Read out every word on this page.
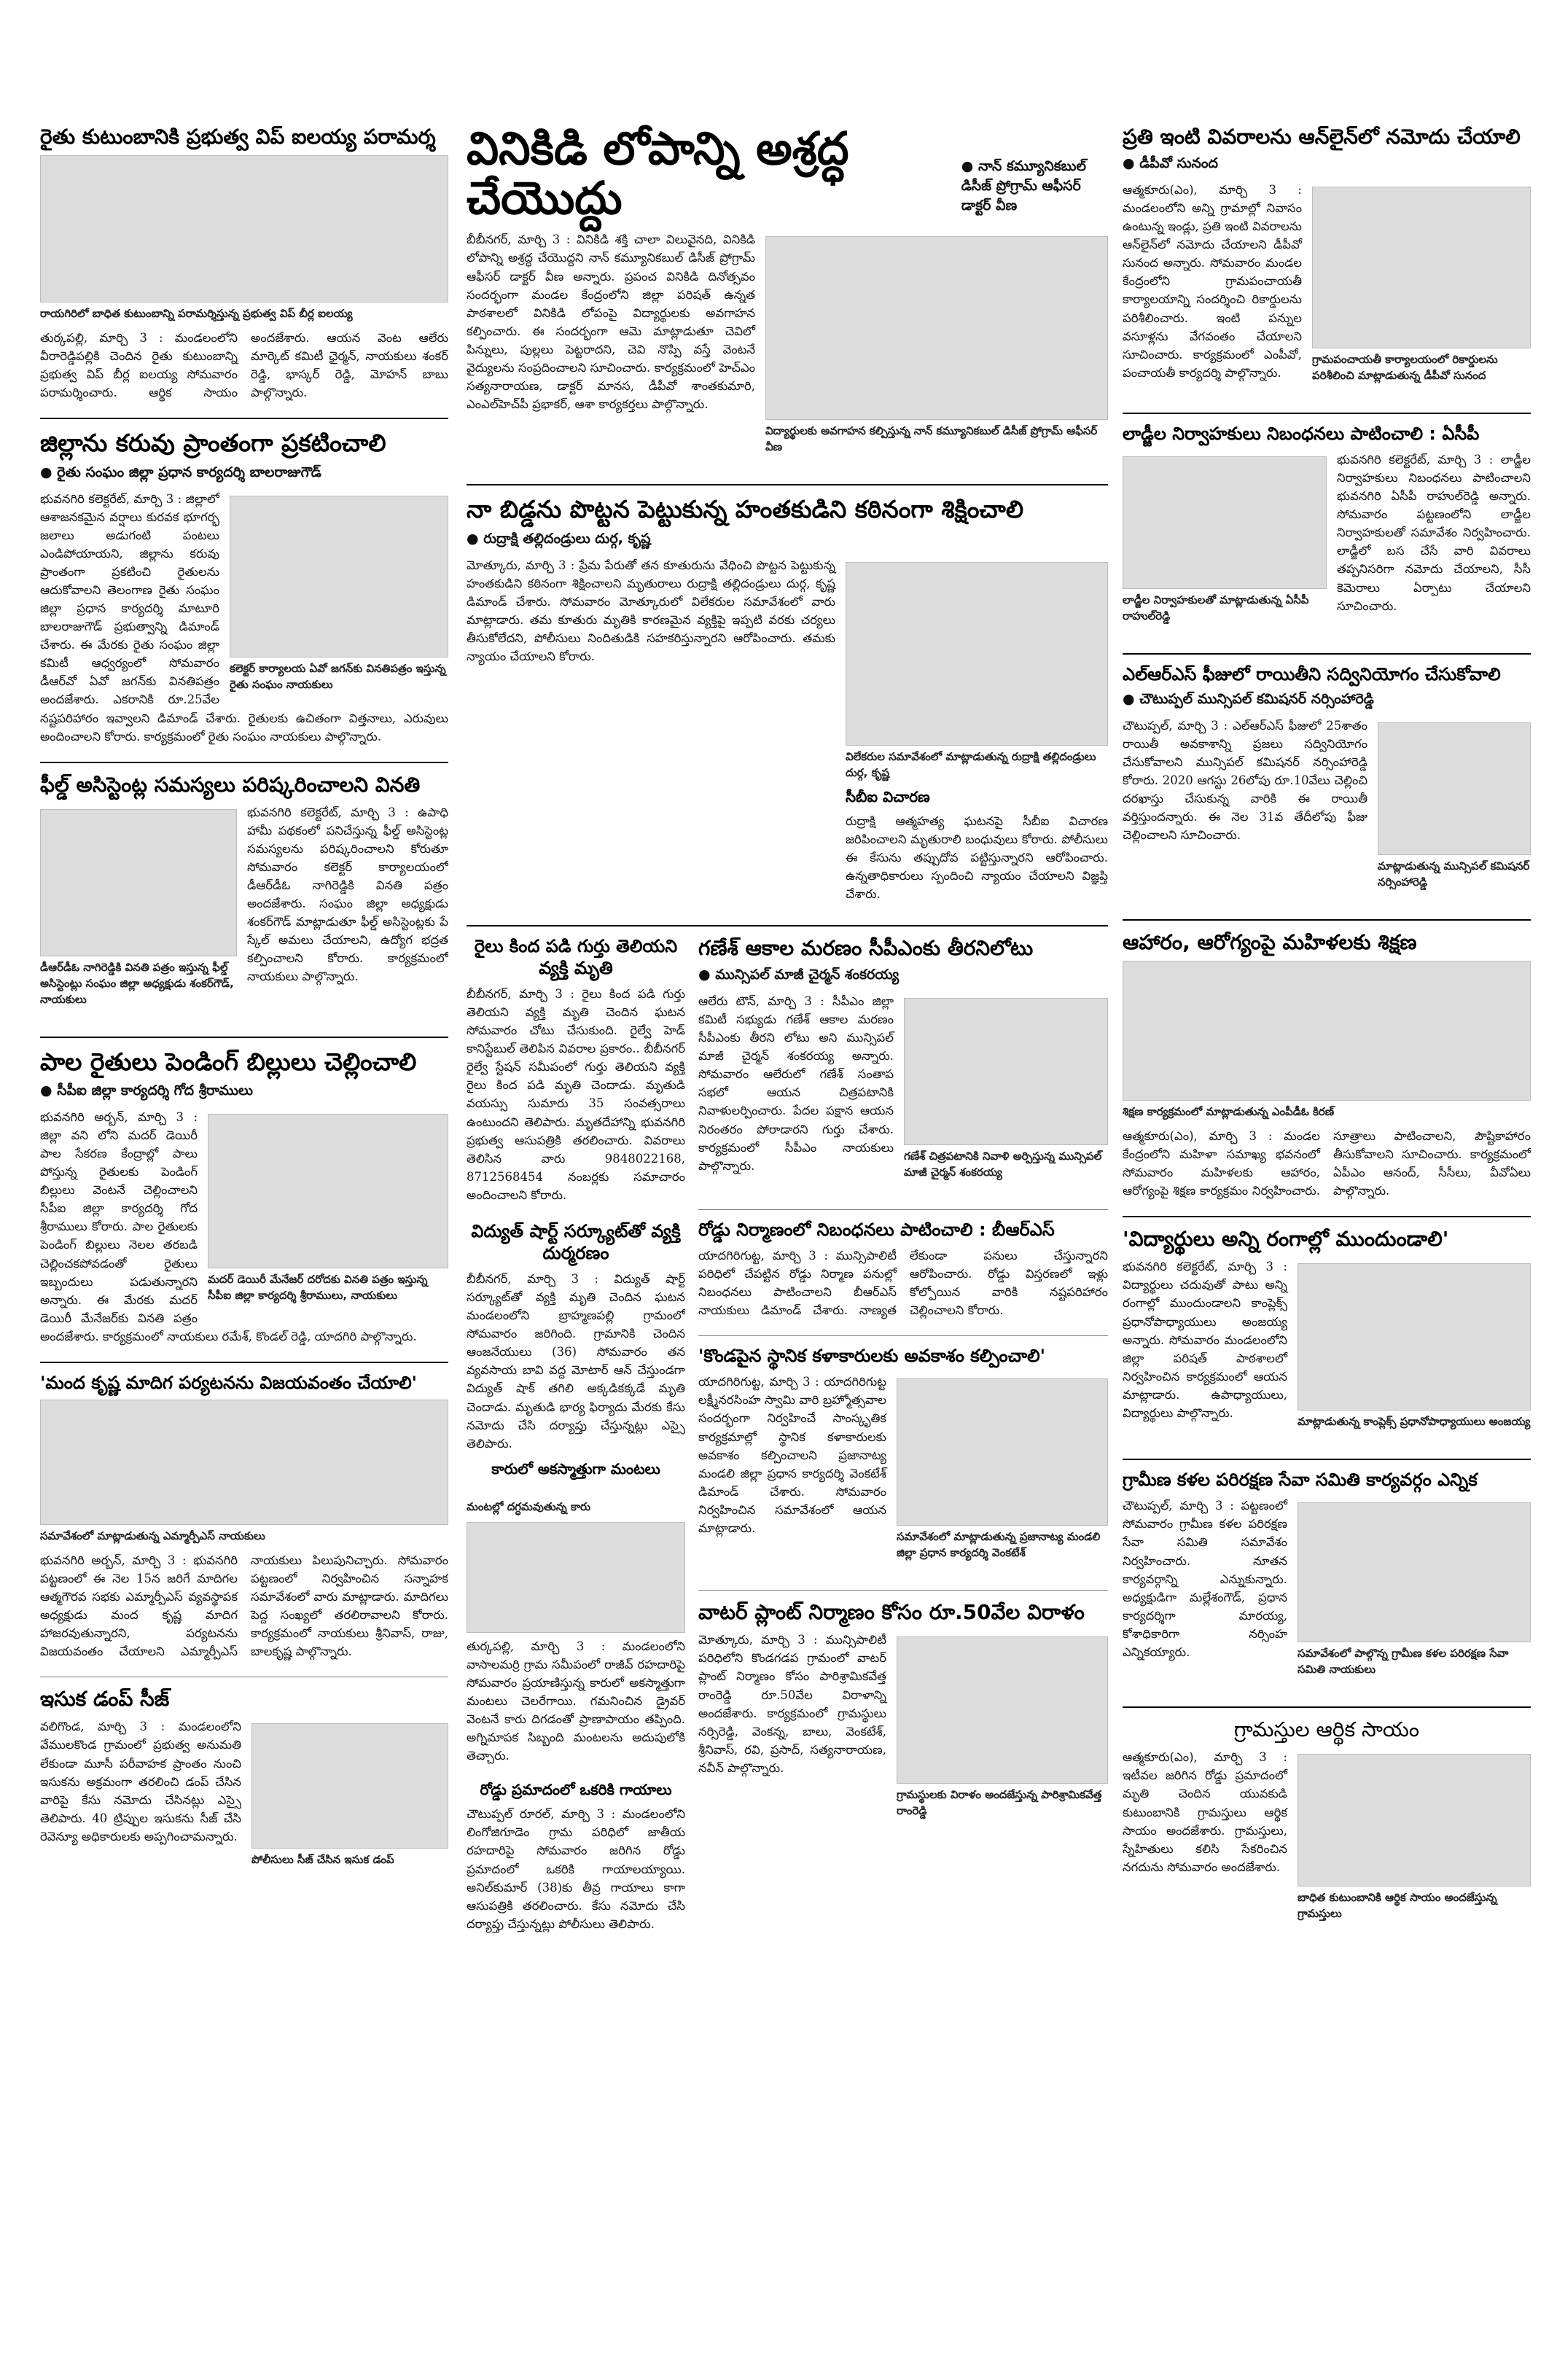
రైతు కుటుంబానికి ప్రభుత్వ విప్ ఐలయ్య పరామర్శ

రాయగిరిలో బాధిత కుటుంబాన్ని పరామర్శిస్తున్న ప్రభుత్వ విప్ బీర్ల ఐలయ్య

తుర్కపల్లి, మార్చి 3 : మండలంలోని వీరారెడ్డిపల్లికి చెందిన రైతు కుటుంబాన్ని ప్రభుత్వ విప్ బీర్ల ఐలయ్య సోమవారం పరామర్శించారు. ఆర్థిక సాయం అందజేశారు. ఆయన వెంట ఆలేరు మార్కెట్ కమిటీ ఛైర్మన్, నాయకులు శంకర్ రెడ్డి, భాస్కర్ రెడ్డి, మోహన్ బాబు పాల్గొన్నారు.

జిల్లాను కరువు ప్రాంతంగా ప్రకటించాలి

● రైతు సంఘం జిల్లా ప్రధాన కార్యదర్శి బాలరాజుగౌడ్

కలెక్టర్ కార్యాలయ ఏవో జగన్‌కు వినతిపత్రం ఇస్తున్న రైతు సంఘం నాయకులు

భువనగిరి కలెక్టరేట్, మార్చి 3 : జిల్లాలో ఆశాజనకమైన వర్షాలు కురవక భూగర్భ జలాలు అడుగంటి పంటలు ఎండిపోయాయని, జిల్లాను కరువు ప్రాంతంగా ప్రకటించి రైతులను ఆదుకోవాలని తెలంగాణ రైతు సంఘం జిల్లా ప్రధాన కార్యదర్శి మాటూరి బాలరాజుగౌడ్ ప్రభుత్వాన్ని డిమాండ్ చేశారు. ఈ మేరకు రైతు సంఘం జిల్లా కమిటీ ఆధ్వర్యంలో సోమవారం డీఆర్‌వో ఏవో జగన్‌కు వినతిపత్రం అందజేశారు. ఎకరానికి రూ.25వేల నష్టపరిహారం ఇవ్వాలని డిమాండ్ చేశారు. రైతులకు ఉచితంగా విత్తనాలు, ఎరువులు అందించాలని కోరారు. కార్యక్రమంలో రైతు సంఘం నాయకులు పాల్గొన్నారు.

ఫీల్డ్ అసిస్టెంట్ల సమస్యలు పరిష్కరించాలని వినతి

డీఆర్‌డీఓ నాగిరెడ్డికి వినతి పత్రం ఇస్తున్న ఫీల్డ్ అసిస్టెంట్లు సంఘం జిల్లా అధ్యక్షుడు శంకర్‌గౌడ్, నాయకులు

భువనగిరి కలెక్టరేట్, మార్చి 3 : ఉపాధి హామీ పథకంలో పనిచేస్తున్న ఫీల్డ్ అసిస్టెంట్ల సమస్యలను పరిష్కరించాలని కోరుతూ సోమవారం కలెక్టర్ కార్యాలయంలో డీఆర్‌డీఓ నాగిరెడ్డికి వినతి పత్రం అందజేశారు. సంఘం జిల్లా అధ్యక్షుడు శంకర్‌గౌడ్ మాట్లాడుతూ ఫీల్డ్ అసిస్టెంట్లకు పే స్కేల్ అమలు చేయాలని, ఉద్యోగ భద్రత కల్పించాలని కోరారు. కార్యక్రమంలో నాయకులు పాల్గొన్నారు.

పాల రైతులు పెండింగ్ బిల్లులు చెల్లించాలి

● సీపీఐ జిల్లా కార్యదర్శి గోద శ్రీరాములు

మదర్ డెయిరీ మేనేజర్ దరోదకు వినతి పత్రం ఇస్తున్న సీపీఐ జిల్లా కార్యదర్శి శ్రీరాములు, నాయకులు

భువనగిరి అర్బన్, మార్చి 3 : జిల్లా వని లోని మదర్ డెయిరీ పాల సేకరణ కేంద్రాల్లో పాలు పోస్తున్న రైతులకు పెండింగ్ బిల్లులు వెంటనే చెల్లించాలని సీపీఐ జిల్లా కార్యదర్శి గోద శ్రీరాములు కోరారు. పాల రైతులకు పెండింగ్ బిల్లులు నెలల తరబడి చెల్లించకపోవడంతో రైతులు ఇబ్బందులు పడుతున్నారని అన్నారు. ఈ మేరకు మదర్ డెయిరీ మేనేజర్‌కు వినతి పత్రం అందజేశారు. కార్యక్రమంలో నాయకులు రమేశ్, కొండల్ రెడ్డి, యాదగిరి పాల్గొన్నారు.

'మంద కృష్ణ మాదిగ పర్యటనను విజయవంతం చేయాలి'

సమావేశంలో మాట్లాడుతున్న ఎమ్మార్పీఎస్ నాయకులు

భువనగిరి అర్బన్, మార్చి 3 : భువనగిరి పట్టణంలో ఈ నెల 15న జరిగే మాదిగల ఆత్మగౌరవ సభకు ఎమ్మార్పీఎస్ వ్యవస్థాపక అధ్యక్షుడు మంద కృష్ణ మాదిగ హాజరవుతున్నారని, పర్యటనను విజయవంతం చేయాలని ఎమ్మార్పీఎస్ నాయకులు పిలుపునిచ్చారు. సోమవారం పట్టణంలో నిర్వహించిన సన్నాహక సమావేశంలో వారు మాట్లాడారు. మాదిగలు పెద్ద సంఖ్యలో తరలిరావాలని కోరారు. కార్యక్రమంలో నాయకులు శ్రీనివాస్, రాజు, బాలకృష్ణ పాల్గొన్నారు.

ఇసుక డంప్ సీజ్

పోలీసులు సీజ్ చేసిన ఇసుక డంప్

వలిగొండ, మార్చి 3 : మండలంలోని వేములకొండ గ్రామంలో ప్రభుత్వ అనుమతి లేకుండా మూసీ పరీవాహక ప్రాంతం నుంచి ఇసుకను అక్రమంగా తరలించి డంప్ చేసిన వారిపై కేసు నమోదు చేసినట్లు ఎస్సై తెలిపారు. 40 ట్రిప్పుల ఇసుకను సీజ్ చేసి రెవెన్యూ అధికారులకు అప్పగించామన్నారు.

వినికిడి లోపాన్ని అశ్రద్ధ చేయొద్దు

● నాన్ కమ్యూనికబుల్ డిసీజ్ ప్రోగ్రామ్ ఆఫీసర్ డాక్టర్ వీణ

విద్యార్థులకు అవగాహన కల్పిస్తున్న నాన్ కమ్యూనికబుల్ డిసీజ్ ప్రోగ్రామ్ ఆఫీసర్ వీణ

బీబీనగర్, మార్చి 3 : వినికిడి శక్తి చాలా విలువైనది, వినికిడి లోపాన్ని అశ్రద్ధ చేయొద్దని నాన్ కమ్యూనికబుల్ డిసీజ్ ప్రోగ్రామ్ ఆఫీసర్ డాక్టర్ వీణ అన్నారు. ప్రపంచ వినికిడి దినోత్సవం సందర్భంగా మండల కేంద్రంలోని జిల్లా పరిషత్ ఉన్నత పాఠశాలలో వినికిడి లోపంపై విద్యార్థులకు అవగాహన కల్పించారు. ఈ సందర్భంగా ఆమె మాట్లాడుతూ చెవిలో పిన్నులు, పుల్లలు పెట్టరాదని, చెవి నొప్పి వస్తే వెంటనే వైద్యులను సంప్రదించాలని సూచించారు. కార్యక్రమంలో హెచ్‌ఎం సత్యనారాయణ, డాక్టర్ మానస, డీపీవో శాంతకుమారి, ఎంఎల్‌హెచ్‌పీ ప్రభాకర్, ఆశా కార్యకర్తలు పాల్గొన్నారు.

నా బిడ్డను పొట్టన పెట్టుకున్న హంతకుడిని కఠినంగా శిక్షించాలి

● రుద్రాక్షి తల్లిదండ్రులు దుర్గ, కృష్ణ

విలేకరుల సమావేశంలో మాట్లాడుతున్న రుద్రాక్షి తల్లిదండ్రులు దుర్గ, కృష్ణ

సీబీఐ విచారణ

రుద్రాక్షి ఆత్మహత్య ఘటనపై సీబీఐ విచారణ జరిపించాలని మృతురాలి బంధువులు కోరారు. పోలీసులు ఈ కేసును తప్పుదోవ పట్టిస్తున్నారని ఆరోపించారు. ఉన్నతాధికారులు స్పందించి న్యాయం చేయాలని విజ్ఞప్తి చేశారు.

మోత్కూరు, మార్చి 3 : ప్రేమ పేరుతో తన కూతురును వేధించి పొట్టన పెట్టుకున్న హంతకుడిని కఠినంగా శిక్షించాలని మృతురాలు రుద్రాక్షి తల్లిదండ్రులు దుర్గ, కృష్ణ డిమాండ్ చేశారు. సోమవారం మోత్కూరులో విలేకరుల సమావేశంలో వారు మాట్లాడారు. తమ కూతురు మృతికి కారణమైన వ్యక్తిపై ఇప్పటి వరకు చర్యలు తీసుకోలేదని, పోలీసులు నిందితుడికి సహకరిస్తున్నారని ఆరోపించారు. తమకు న్యాయం చేయాలని కోరారు.

రైలు కింద పడి గుర్తు తెలియని వ్యక్తి మృతి

బీబీనగర్, మార్చి 3 : రైలు కింద పడి గుర్తు తెలియని వ్యక్తి మృతి చెందిన ఘటన సోమవారం చోటు చేసుకుంది. రైల్వే హెడ్ కానిస్టేబుల్ తెలిపిన వివరాల ప్రకారం.. బీబీనగర్ రైల్వే స్టేషన్ సమీపంలో గుర్తు తెలియని వ్యక్తి రైలు కింద పడి మృతి చెందాడు. మృతుడి వయస్సు సుమారు 35 సంవత్సరాలు ఉంటుందని తెలిపారు. మృతదేహాన్ని భువనగిరి ప్రభుత్వ ఆసుపత్రికి తరలించారు. వివరాలు తెలిసిన వారు 9848022168, 8712568454 నంబర్లకు సమాచారం అందించాలని కోరారు.

విద్యుత్ షార్ట్ సర్క్యూట్‌తో వ్యక్తి దుర్మరణం

బీబీనగర్, మార్చి 3 : విద్యుత్ షార్ట్ సర్క్యూట్‌తో వ్యక్తి మృతి చెందిన ఘటన మండలంలోని బ్రాహ్మణపల్లి గ్రామంలో సోమవారం జరిగింది. గ్రామానికి చెందిన ఆంజనేయులు (36) సోమవారం తన వ్యవసాయ బావి వద్ద మోటార్ ఆన్ చేస్తుండగా విద్యుత్ షాక్ తగిలి అక్కడికక్కడే మృతి చెందాడు. మృతుడి భార్య ఫిర్యాదు మేరకు కేసు నమోదు చేసి దర్యాప్తు చేస్తున్నట్లు ఎస్సై తెలిపారు.

కారులో అకస్మాత్తుగా మంటలు

మంటల్లో దగ్ధమవుతున్న కారు

తుర్కపల్లి, మార్చి 3 : మండలంలోని వాసాలమర్రి గ్రామ సమీపంలో రాజీవ్ రహదారిపై సోమవారం ప్రయాణిస్తున్న కారులో అకస్మాత్తుగా మంటలు చెలరేగాయి. గమనించిన డ్రైవర్ వెంటనే కారు దిగడంతో ప్రాణాపాయం తప్పింది. అగ్నిమాపక సిబ్బంది మంటలను అదుపులోకి తెచ్చారు.

రోడ్డు ప్రమాదంలో ఒకరికి గాయాలు

చౌటుప్పల్ రూరల్, మార్చి 3 : మండలంలోని లింగోజిగూడెం గ్రామ పరిధిలో జాతీయ రహదారిపై సోమవారం జరిగిన రోడ్డు ప్రమాదంలో ఒకరికి గాయాలయ్యాయి. అనిల్‌కుమార్ (38)కు తీవ్ర గాయాలు కాగా ఆసుపత్రికి తరలించారు. కేసు నమోదు చేసి దర్యాప్తు చేస్తున్నట్లు పోలీసులు తెలిపారు.

గణేశ్ ఆకాల మరణం సీపీఎంకు తీరనిలోటు

● మున్సిపల్ మాజీ చైర్మన్ శంకరయ్య

గణేశ్ చిత్రపటానికి నివాళి అర్పిస్తున్న మున్సిపల్ మాజీ చైర్మన్ శంకరయ్య

ఆలేరు టౌన్, మార్చి 3 : సీపీఎం జిల్లా కమిటీ సభ్యుడు గణేశ్ ఆకాల మరణం సీపీఎంకు తీరని లోటు అని మున్సిపల్ మాజీ చైర్మన్ శంకరయ్య అన్నారు. సోమవారం ఆలేరులో గణేశ్ సంతాప సభలో ఆయన చిత్రపటానికి నివాళులర్పించారు. పేదల పక్షాన ఆయన నిరంతరం పోరాడారని గుర్తు చేశారు. కార్యక్రమంలో సీపీఎం నాయకులు పాల్గొన్నారు.

రోడ్డు నిర్మాణంలో నిబంధనలు పాటించాలి : బీఆర్ఎస్

యాదగిరిగుట్ట, మార్చి 3 : మున్సిపాలిటీ పరిధిలో చేపట్టిన రోడ్డు నిర్మాణ పనుల్లో నిబంధనలు పాటించాలని బీఆర్ఎస్ నాయకులు డిమాండ్ చేశారు. నాణ్యత లేకుండా పనులు చేస్తున్నారని ఆరోపించారు. రోడ్డు విస్తరణలో ఇళ్లు కోల్పోయిన వారికి నష్టపరిహారం చెల్లించాలని కోరారు.

'కొండపైన స్థానిక కళాకారులకు అవకాశం కల్పించాలి'

సమావేశంలో మాట్లాడుతున్న ప్రజానాట్య మండలి జిల్లా ప్రధాన కార్యదర్శి వెంకటేశ్

యాదగిరిగుట్ట, మార్చి 3 : యాదగిరిగుట్ట లక్ష్మీనరసింహ స్వామి వారి బ్రహ్మోత్సవాల సందర్భంగా నిర్వహించే సాంస్కృతిక కార్యక్రమాల్లో స్థానిక కళాకారులకు అవకాశం కల్పించాలని ప్రజానాట్య మండలి జిల్లా ప్రధాన కార్యదర్శి వెంకటేశ్ డిమాండ్ చేశారు. సోమవారం నిర్వహించిన సమావేశంలో ఆయన మాట్లాడారు.

వాటర్ ప్లాంట్ నిర్మాణం కోసం రూ.50వేల విరాళం

గ్రామస్థులకు విరాళం అందజేస్తున్న పారిశ్రామికవేత్త రాంరెడ్డి

మోత్కూరు, మార్చి 3 : మున్సిపాలిటీ పరిధిలోని కొండగడప గ్రామంలో వాటర్ ప్లాంట్ నిర్మాణం కోసం పారిశ్రామికవేత్త రాంరెడ్డి రూ.50వేల విరాళాన్ని అందజేశారు. కార్యక్రమంలో గ్రామస్థులు నర్సిరెడ్డి, వెంకన్న, బాలు, వెంకటేశ్, శ్రీనివాస్, రవి, ప్రసాద్, సత్యనారాయణ, నవీన్ పాల్గొన్నారు.

ప్రతి ఇంటి వివరాలను ఆన్‌లైన్‌లో నమోదు చేయాలి

● డీపీవో సునంద

గ్రామపంచాయతీ కార్యాలయంలో రికార్డులను పరిశీలించి మాట్లాడుతున్న డీపీవో సునంద

ఆత్మకూరు(ఎం), మార్చి 3 : మండలంలోని అన్ని గ్రామాల్లో నివాసం ఉంటున్న ఇండ్లు, ప్రతి ఇంటి వివరాలను ఆన్‌లైన్‌లో నమోదు చేయాలని డీపీవో సునంద అన్నారు. సోమవారం మండల కేంద్రంలోని గ్రామపంచాయతీ కార్యాలయాన్ని సందర్శించి రికార్డులను పరిశీలించారు. ఇంటి పన్నుల వసూళ్లను వేగవంతం చేయాలని సూచించారు. కార్యక్రమంలో ఎంపీవో, పంచాయతీ కార్యదర్శి పాల్గొన్నారు.

లాడ్జీల నిర్వాహకులు నిబంధనలు పాటించాలి : ఏసీపీ

లాడ్జీల నిర్వాహకులతో మాట్లాడుతున్న ఏసీపీ రాహుల్‌రెడ్డి

భువనగిరి కలెక్టరేట్, మార్చి 3 : లాడ్జీల నిర్వాహకులు నిబంధనలు పాటించాలని భువనగిరి ఏసీపీ రాహుల్‌రెడ్డి అన్నారు. సోమవారం పట్టణంలోని లాడ్జీల నిర్వాహకులతో సమావేశం నిర్వహించారు. లాడ్జీలో బస చేసే వారి వివరాలు తప్పనిసరిగా నమోదు చేయాలని, సీసీ కెమెరాలు ఏర్పాటు చేయాలని సూచించారు.

ఎల్ఆర్ఎస్ ఫీజులో రాయితీని సద్వినియోగం చేసుకోవాలి

● చౌటుప్పల్ మున్సిపల్ కమిషనర్ నర్సింహారెడ్డి

మాట్లాడుతున్న మున్సిపల్ కమిషనర్ నర్సింహారెడ్డి

చౌటుప్పల్, మార్చి 3 : ఎల్ఆర్ఎస్ ఫీజులో 25శాతం రాయితీ అవకాశాన్ని ప్రజలు సద్వినియోగం చేసుకోవాలని మున్సిపల్ కమిషనర్ నర్సింహారెడ్డి కోరారు. 2020 ఆగస్టు 26లోపు రూ.10వేలు చెల్లించి దరఖాస్తు చేసుకున్న వారికి ఈ రాయితీ వర్తిస్తుందన్నారు. ఈ నెల 31వ తేదీలోపు ఫీజు చెల్లించాలని సూచించారు.

ఆహారం, ఆరోగ్యంపై మహిళలకు శిక్షణ

శిక్షణ కార్యక్రమంలో మాట్లాడుతున్న ఎంపీడీఓ కిరణ్

ఆత్మకూరు(ఎం), మార్చి 3 : మండల కేంద్రంలోని మహిళా సమాఖ్య భవనంలో సోమవారం మహిళలకు ఆహారం, ఆరోగ్యంపై శిక్షణ కార్యక్రమం నిర్వహించారు. సూత్రాలు పాటించాలని, పౌష్టికాహారం తీసుకోవాలని సూచించారు. కార్యక్రమంలో ఏపీఎం ఆనంద్, సీసీలు, వీవోఏలు పాల్గొన్నారు.

'విద్యార్థులు అన్ని రంగాల్లో ముందుండాలి'

మాట్లాడుతున్న కాంప్లెక్స్ ప్రధానోపాధ్యాయులు అంజయ్య

భువనగిరి కలెక్టరేట్, మార్చి 3 : విద్యార్థులు చదువుతో పాటు అన్ని రంగాల్లో ముందుండాలని కాంప్లెక్స్ ప్రధానోపాధ్యాయులు అంజయ్య అన్నారు. సోమవారం మండలంలోని జిల్లా పరిషత్ పాఠశాలలో నిర్వహించిన కార్యక్రమంలో ఆయన మాట్లాడారు. ఉపాధ్యాయులు, విద్యార్థులు పాల్గొన్నారు.

గ్రామీణ కళల పరిరక్షణ సేవా సమితి కార్యవర్గం ఎన్నిక

సమావేశంలో పాల్గొన్న గ్రామీణ కళల పరిరక్షణ సేవా సమితి నాయకులు

చౌటుప్పల్, మార్చి 3 : పట్టణంలో సోమవారం గ్రామీణ కళల పరిరక్షణ సేవా సమితి సమావేశం నిర్వహించారు. నూతన కార్యవర్గాన్ని ఎన్నుకున్నారు. అధ్యక్షుడిగా మల్లేశంగౌడ్, ప్రధాన కార్యదర్శిగా మారయ్య, కోశాధికారిగా నర్సింహ ఎన్నికయ్యారు.

గ్రామస్తుల ఆర్థిక సాయం

బాధిత కుటుంబానికి ఆర్థిక సాయం అందజేస్తున్న గ్రామస్తులు

ఆత్మకూరు(ఎం), మార్చి 3 : ఇటీవల జరిగిన రోడ్డు ప్రమాదంలో మృతి చెందిన యువకుడి కుటుంబానికి గ్రామస్తులు ఆర్థిక సాయం అందజేశారు. గ్రామస్తులు, స్నేహితులు కలిసి సేకరించిన నగదును సోమవారం అందజేశారు.
